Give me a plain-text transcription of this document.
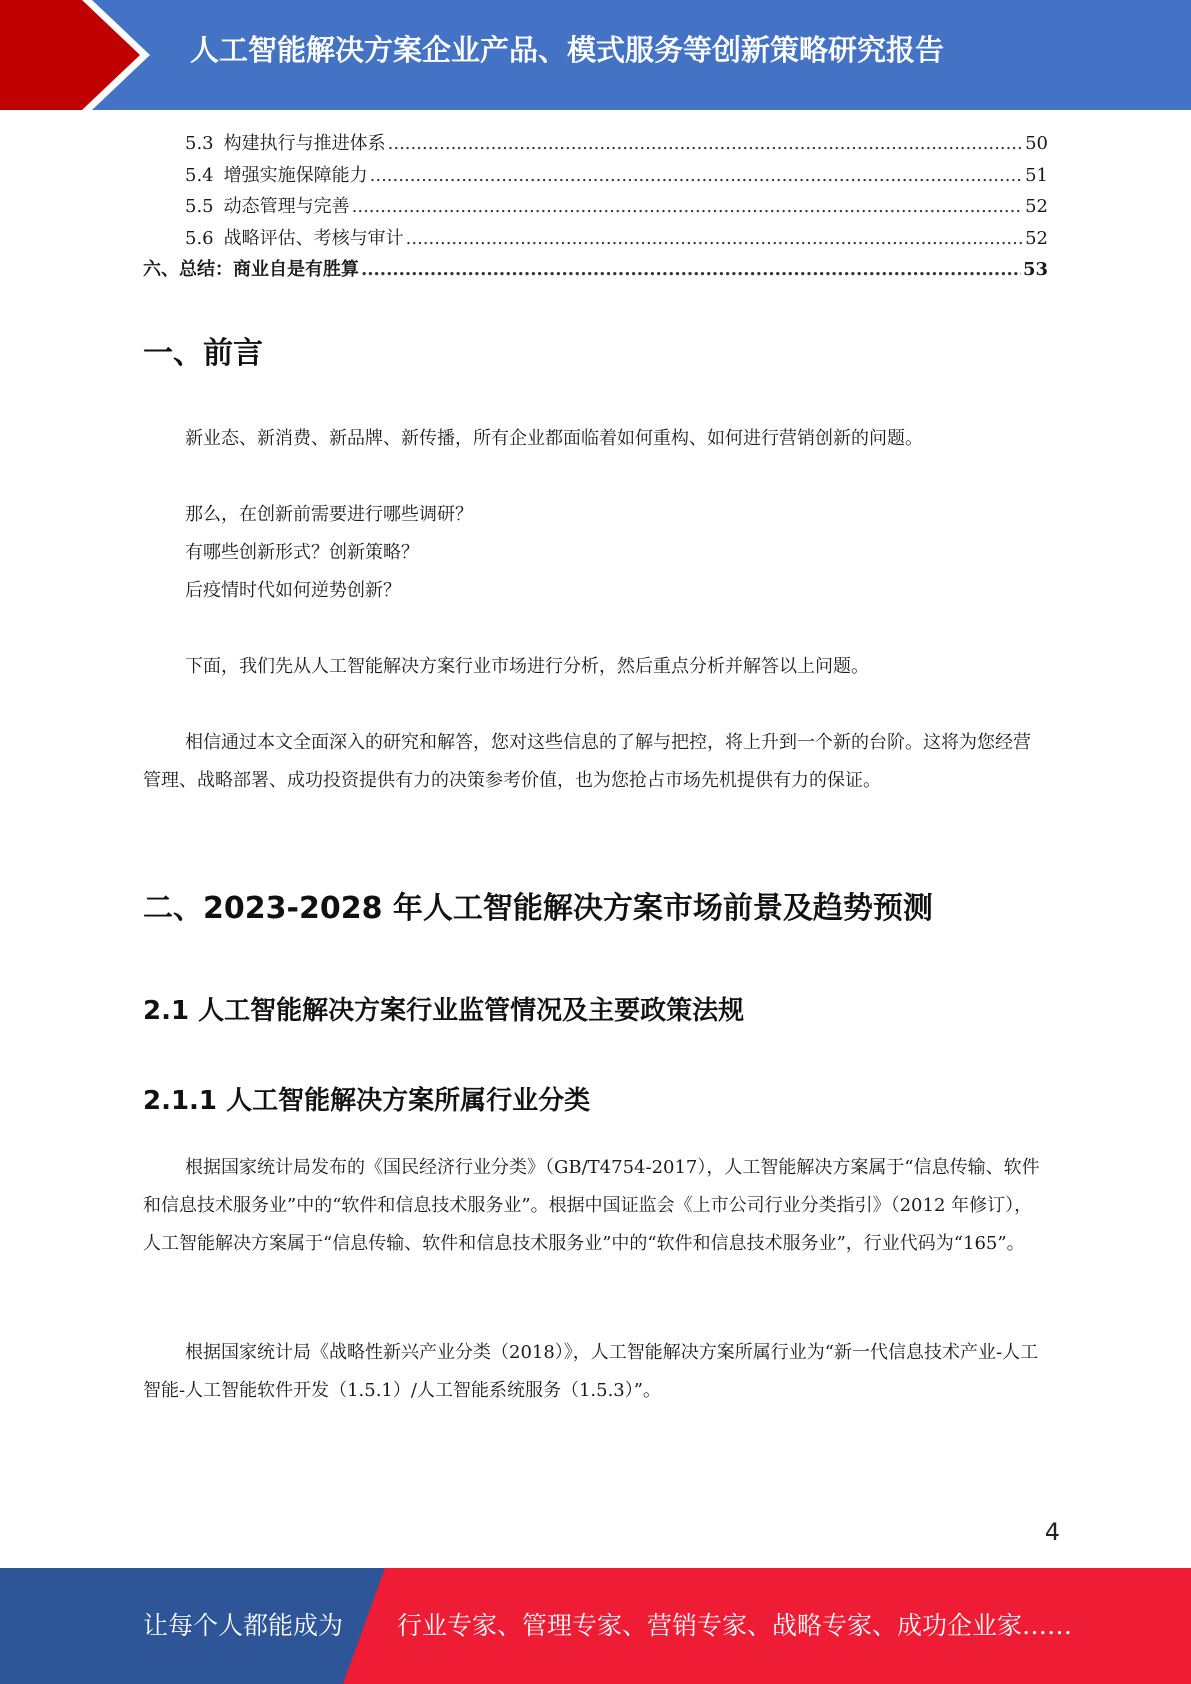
人工智能解决方案企业产品、模式服务等创新策略研究报告
5.3 构建执行与推进体系 .....	50
5.4 增强实施保障能力 .....	51
5.5 动态管理与完善 .....	52
5.6 战略评估、考核与审计 .....	52
六、总结：商业自是有胜算 .....	53
一、前言

新业态、新消费、新品牌、新传播，所有企业都面临着如何重构、如何进行营销创新的问题。

那么，在创新前需要进行哪些调研？

有哪些创新形式？创新策略？

后疫情时代如何逆势创新？

下面，我们先从人工智能解决方案行业市场进行分析，然后重点分析并解答以上问题。

相信通过本文全面深入的研究和解答，您对这些信息的了解与把控，将上升到一个新的台阶。这将为您经营管理、战略部署、成功投资提供有力的决策参考价值，也为您抢占市场先机提供有力的保证。

二、2023-2028 年人工智能解决方案市场前景及趋势预测
2.1 人工智能解决方案行业监管情况及主要政策法规
2.1.1 人工智能解决方案所属行业分类

根据国家统计局发布的《国民经济行业分类》（GB/T4754-2017），人工智能解决方案属于“信息传输、软件和信息技术服务业”中的“软件和信息技术服务业”。根据中国证监会《上市公司行业分类指引》（2012 年修订），人工智能解决方案属于“信息传输、软件和信息技术服务业”中的“软件和信息技术服务业”，行业代码为“165”。

根据国家统计局《战略性新兴产业分类（2018）》，人工智能解决方案所属行业为“新一代信息技术产业-人工智能-人工智能软件开发（1.5.1）/人工智能系统服务（1.5.3）”。

4
让每个人都能成为 行业专家、管理专家、营销专家、战略专家、成功企业家……
